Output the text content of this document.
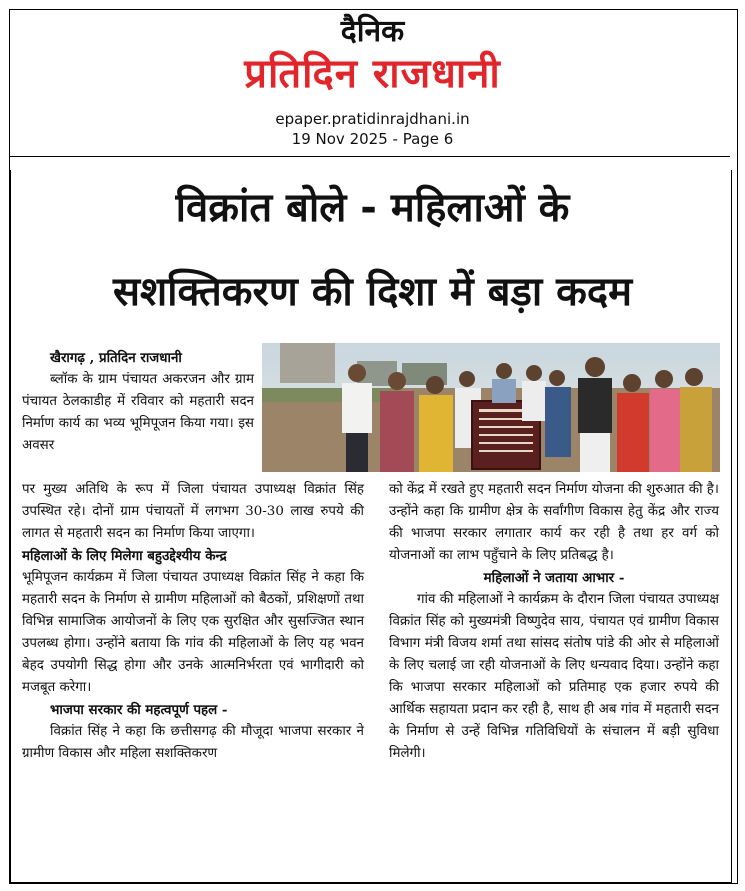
दैनिक
प्रतिदिन राजधानी
epaper.pratidinrajdhani.in
19 Nov 2025 - Page 6
विक्रांत बोले - महिलाओं के
सशक्तिकरण की दिशा में बड़ा कदम

खैरागढ़ , प्रतिदिन राजधानी

ब्लॉक के ग्राम पंचायत अकरजन और ग्राम पंचायत ठेलकाडीह में रविवार को महतारी सदन निर्माण कार्य का भव्य भूमिपूजन किया गया। इस अवसर

पर मुख्य अतिथि के रूप में जिला पंचायत उपाध्यक्ष विक्रांत सिंह उपस्थित रहे। दोनों ग्राम पंचायतों में लगभग 30-30 लाख रुपये की लागत से महतारी सदन का निर्माण किया जाएगा।

महिलाओं के लिए मिलेगा बहुउद्देश्यीय केन्द्र

भूमिपूजन कार्यक्रम में जिला पंचायत उपाध्यक्ष विक्रांत सिंह ने कहा कि महतारी सदन के निर्माण से ग्रामीण महिलाओं को बैठकों, प्रशिक्षणों तथा विभिन्न सामाजिक आयोजनों के लिए एक सुरक्षित और सुसज्जित स्थान उपलब्ध होगा। उन्होंने बताया कि गांव की महिलाओं के लिए यह भवन बेहद उपयोगी सिद्ध होगा और उनके आत्मनिर्भरता एवं भागीदारी को मजबूत करेगा।

भाजपा सरकार की महत्वपूर्ण पहल -

विक्रांत सिंह ने कहा कि छत्तीसगढ़ की मौजूदा भाजपा सरकार ने ग्रामीण विकास और महिला सशक्तिकरण

को केंद्र में रखते हुए महतारी सदन निर्माण योजना की शुरुआत की है। उन्होंने कहा कि ग्रामीण क्षेत्र के सर्वांगीण विकास हेतु केंद्र और राज्य की भाजपा सरकार लगातार कार्य कर रही है तथा हर वर्ग को योजनाओं का लाभ पहुँचाने के लिए प्रतिबद्ध है।

महिलाओं ने जताया आभार -

गांव की महिलाओं ने कार्यक्रम के दौरान जिला पंचायत उपाध्यक्ष विक्रांत सिंह को मुख्यमंत्री विष्णुदेव साय, पंचायत एवं ग्रामीण विकास विभाग मंत्री विजय शर्मा तथा सांसद संतोष पांडे की ओर से महिलाओं के लिए चलाई जा रही योजनाओं के लिए धन्यवाद दिया। उन्होंने कहा कि भाजपा सरकार महिलाओं को प्रतिमाह एक हजार रुपये की आर्थिक सहायता प्रदान कर रही है, साथ ही अब गांव में महतारी सदन के निर्माण से उन्हें विभिन्न गतिविधियों के संचालन में बड़ी सुविधा मिलेगी।
